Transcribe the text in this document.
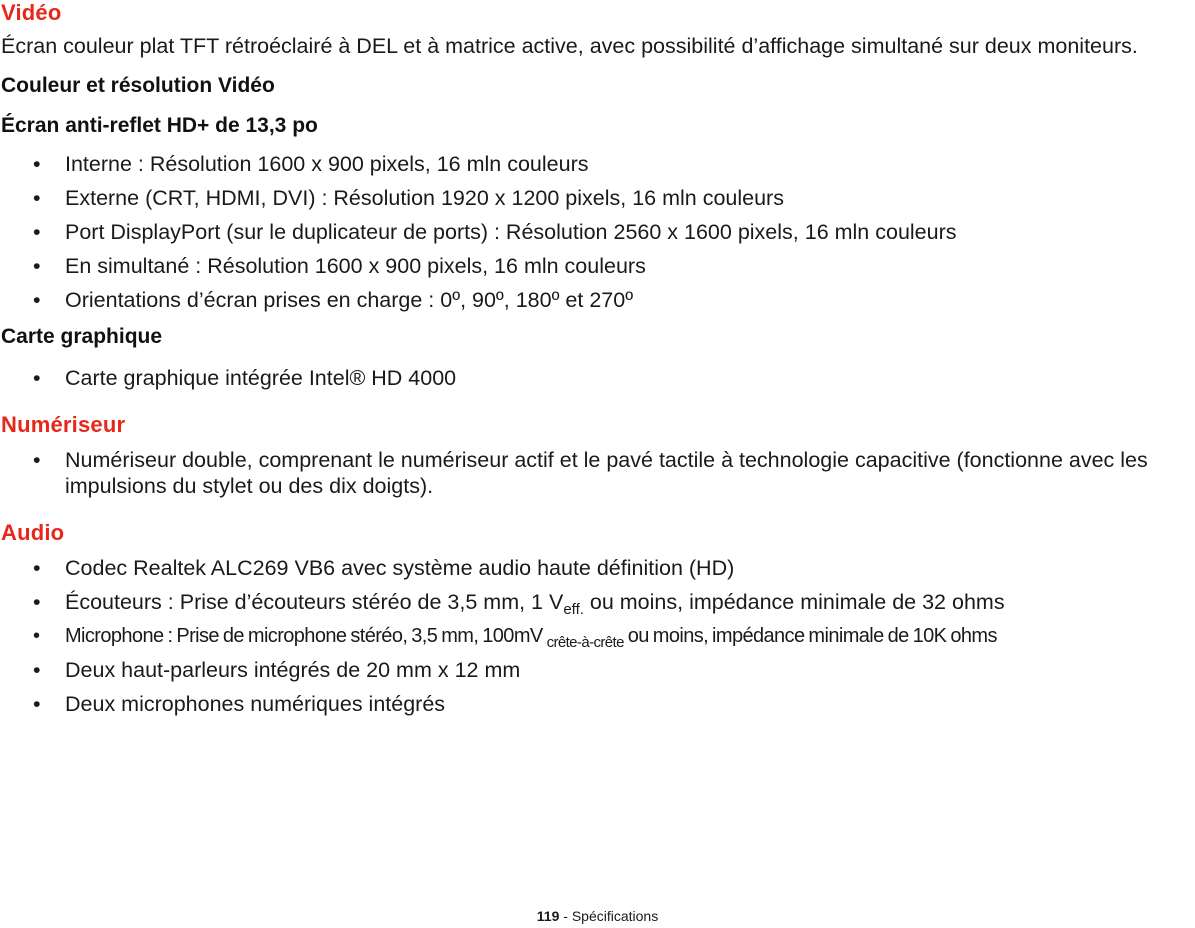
Vidéo

Écran couleur plat TFT rétroéclairé à DEL et à matrice active, avec possibilité d’affichage simultané sur deux moniteurs.

Couleur et résolution Vidéo
Écran anti-reflet HD+ de 13,3 po
• Interne : Résolution 1600 x 900 pixels, 16 mln couleurs
• Externe (CRT, HDMI, DVI) : Résolution 1920 x 1200 pixels, 16 mln couleurs
• Port DisplayPort (sur le duplicateur de ports) : Résolution 2560 x 1600 pixels, 16 mln couleurs
• En simultané : Résolution 1600 x 900 pixels, 16 mln couleurs
• Orientations d’écran prises en charge : 0º, 90º, 180º et 270º
Carte graphique
• Carte graphique intégrée Intel® HD 4000
Numériseur
• Numériseur double, comprenant le numériseur actif et le pavé tactile à technologie capacitive (fonctionne avec les impulsions du stylet ou des dix doigts).
Audio
• Codec Realtek ALC269 VB6 avec système audio haute définition (HD)
• Écouteurs : Prise d’écouteurs stéréo de 3,5 mm, 1 $V_{eff.}$ ou moins, impédance minimale de 32 ohms
• Microphone : Prise de microphone stéréo, 3,5 mm, 100mV $_{crête-à-crête}$ ou moins, impédance minimale de 10K ohms
• Deux haut-parleurs intégrés de 20 mm x 12 mm
• Deux microphones numériques intégrés
119 - Spécifications
